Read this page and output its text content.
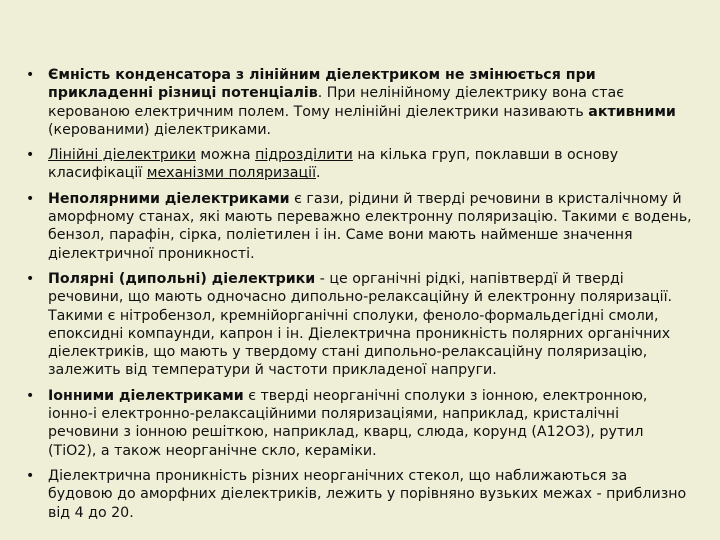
• Ємність конденсатора з лінійним діелектриком не змінюється при прикладенні різниці потенціалів. При нелінійному діелектрику вона стає керованою електричним полем. Тому нелінійні діелектрики називають активними (керованими) діелектриками.
• Лінійні діелектрики можна підрозділити на кілька груп, поклавши в основу класифікації механізми поляризації.
• Неполярними діелектриками є гази, рідини й тверді речовини в кристалічному й аморфному станах, які мають переважно електронну поляризацію. Такими є водень, бензол, парафін, сірка, поліетилен і ін. Саме вони мають найменше значення діелектричної проникності.
• Полярні (дипольні) діелектрики - це органічні рідкі, напівтвердї й тверді речовини, що мають одночасно дипольно-релаксаційну й електронну поляризації. Такими є нітробензол, кремнійорганічні сполуки, феноло-формальдегідні смоли, епоксидні компаунди, капрон і ін. Діелектрична проникність полярних органічних діелектриків, що мають у твердому стані дипольно-релаксаційну поляризацію, залежить від температури й частоти прикладеної напруги.
• Іонними діелектриками є тверді неорганічні сполуки з іонною, електронною, іонно-і електронно-релаксаційними поляризаціями, наприклад, кристалічні речовини з іонною решіткою, наприклад, кварц, слюда, корунд (А12О3), рутил (ТiО2), а також неорганічне скло, кераміки.
• Діелектрична проникність різних неорганічних стекол, що наближаються за будовою до аморфних діелектриків, лежить у порівняно вузьких межах - приблизно від 4 до 20.
